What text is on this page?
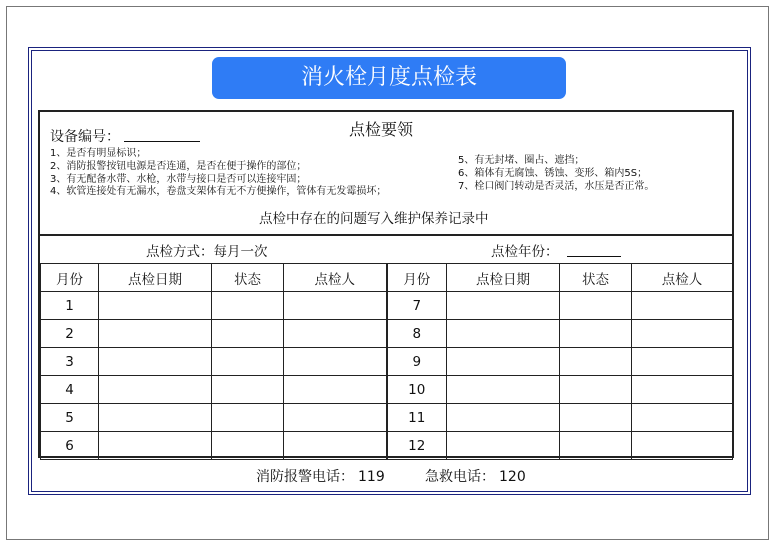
消火栓月度点检表
点检要领
设备编号：
1、是否有明显标识；
2、消防报警按钮电源是否连通，是否在便于操作的部位；
3、有无配备水带、水枪，水带与接口是否可以连接牢固；
4、软管连接处有无漏水，卷盘支架体有无不方便操作，管体有无发霉损坏；
5、有无封堵、圈占、遮挡；
6、箱体有无腐蚀、锈蚀、变形、箱内5S；
7、栓口阀门转动是否灵活，水压是否正常。
点检中存在的问题写入维护保养记录中
点检方式：每月一次	点检年份：
月份	点检日期	状态	点检人	月份	点检日期	状态	点检人
1				7			
2				8			
3				9			
4				10			
5				11			
6				12			
消防报警电话： 119	急救电话： 120
